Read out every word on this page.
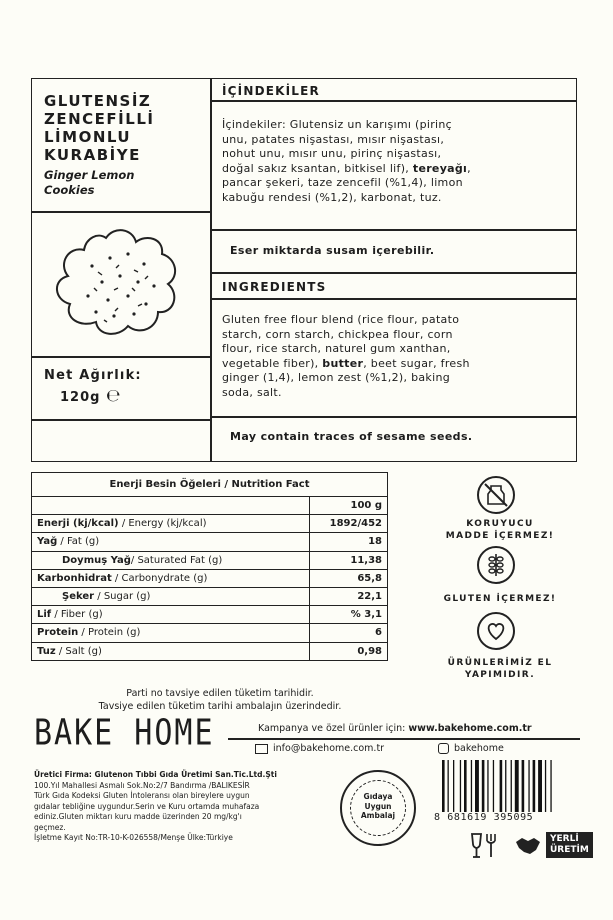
GLUTENSİZ
ZENCEFİLLİ
LİMONLU
KURABİYE
Ginger Lemon
Cookies
Net Ağırlık:
120g ℮
İÇİNDEKİLER
İçindekiler: Glutensiz un karışımı (pirinç
unu, patates nişastası, mısır nişastası,
nohut unu, mısır unu, pirinç nişastası,
doğal sakız ksantan, bitkisel lif), tereyağı,
pancar şekeri, taze zencefil (%1,4), limon
kabuğu rendesi (%1,2), karbonat, tuz.
Eser miktarda susam içerebilir.
INGREDIENTS
Gluten free flour blend (rice flour, patato
starch, corn starch, chickpea flour, corn
flour, rice starch, naturel gum xanthan,
vegetable fiber), butter, beet sugar, fresh
ginger (1,4), lemon zest (%1,2), baking
soda, salt.
May contain traces of sesame seeds.
Enerji Besin Öğeleri / Nutrition Fact	
	100 g
Enerji (kj/kcal) / Energy (kj/kcal)	1892/452
Yağ / Fat (g)	18
Doymuş Yağ/ Saturated Fat (g)	11,38
Karbonhidrat / Carbonydrate (g)	65,8
Şeker / Sugar (g)	22,1
Lif / Fiber (g)	% 3,1
Protein / Protein (g)	6
Tuz / Salt (g)	0,98
Parti no tavsiye edilen tüketim tarihidir.
Tavsiye edilen tüketim tarihi ambalajın üzerindedir.
KORUYUCU
MADDE İÇERMEZ!
GLUTEN İÇERMEZ!
ÜRÜNLERİMİZ EL
YAPIMIDIR.
BAKE HOME	Kampanya ve özel ürünler için: www.bakehome.com.tr
info@bakehome.com.tr	bakehome
Üretici Firma: Glutenon Tıbbi Gıda Üretimi San.Tic.Ltd.Şti
100.Yıl Mahallesi Asmalı Sok.No:2/7 Bandırma /BALIKESİR
Türk Gıda Kodeksi Gluten İntoleransı olan bireylere uygun
gıdalar tebliğine uygundur.Serin ve Kuru ortamda muhafaza
ediniz.Gluten miktarı kuru madde üzerinden 20 mg/kg'ı
geçmez.
İşletme Kayıt No:TR-10-K-026558/Menşe Ülke:Türkiye
Gıdaya
Uygun
Ambalaj	8 681619 395095
YERLİ
ÜRETİM
